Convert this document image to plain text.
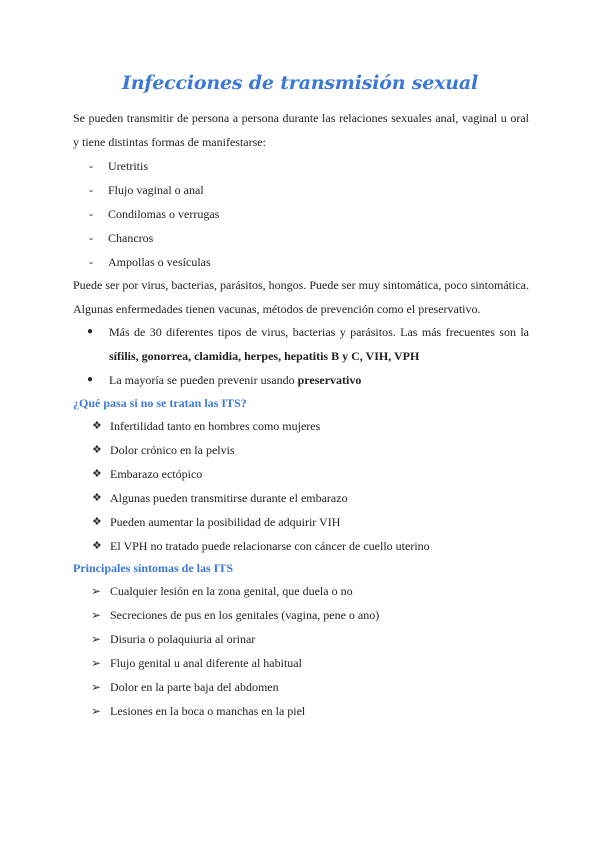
Infecciones de transmisión sexual
Se pueden transmitir de persona a persona durante las relaciones sexuales anal, vaginal u oral y tiene distintas formas de manifestarse:
- Uretritis
- Flujo vaginal o anal
- Condilomas o verrugas
- Chancros
- Ampollas o vesículas
Puede ser por virus, bacterias, parásitos, hongos. Puede ser muy sintomática, poco sintomática. Algunas enfermedades tienen vacunas, métodos de prevención como el preservativo.
● Más de 30 diferentes tipos de virus, bacterias y parásitos. Las más frecuentes son la sífilis, gonorrea, clamidia, herpes, hepatitis B y C, VIH, VPH
● La mayoría se pueden prevenir usando preservativo
¿Qué pasa si no se tratan las ITS?
❖ Infertilidad tanto en hombres como mujeres
❖ Dolor crónico en la pelvis
❖ Embarazo ectópico
❖ Algunas pueden transmitirse durante el embarazo
❖ Pueden aumentar la posibilidad de adquirir VIH
❖ El VPH no tratado puede relacionarse con cáncer de cuello uterino
Principales síntomas de las ITS
➢ Cualquier lesión en la zona genital, que duela o no
➢ Secreciones de pus en los genitales (vagina, pene o ano)
➢ Disuria o polaquiuria al orinar
➢ Flujo genital u anal diferente al habitual
➢ Dolor en la parte baja del abdomen
➢ Lesiones en la boca o manchas en la piel
